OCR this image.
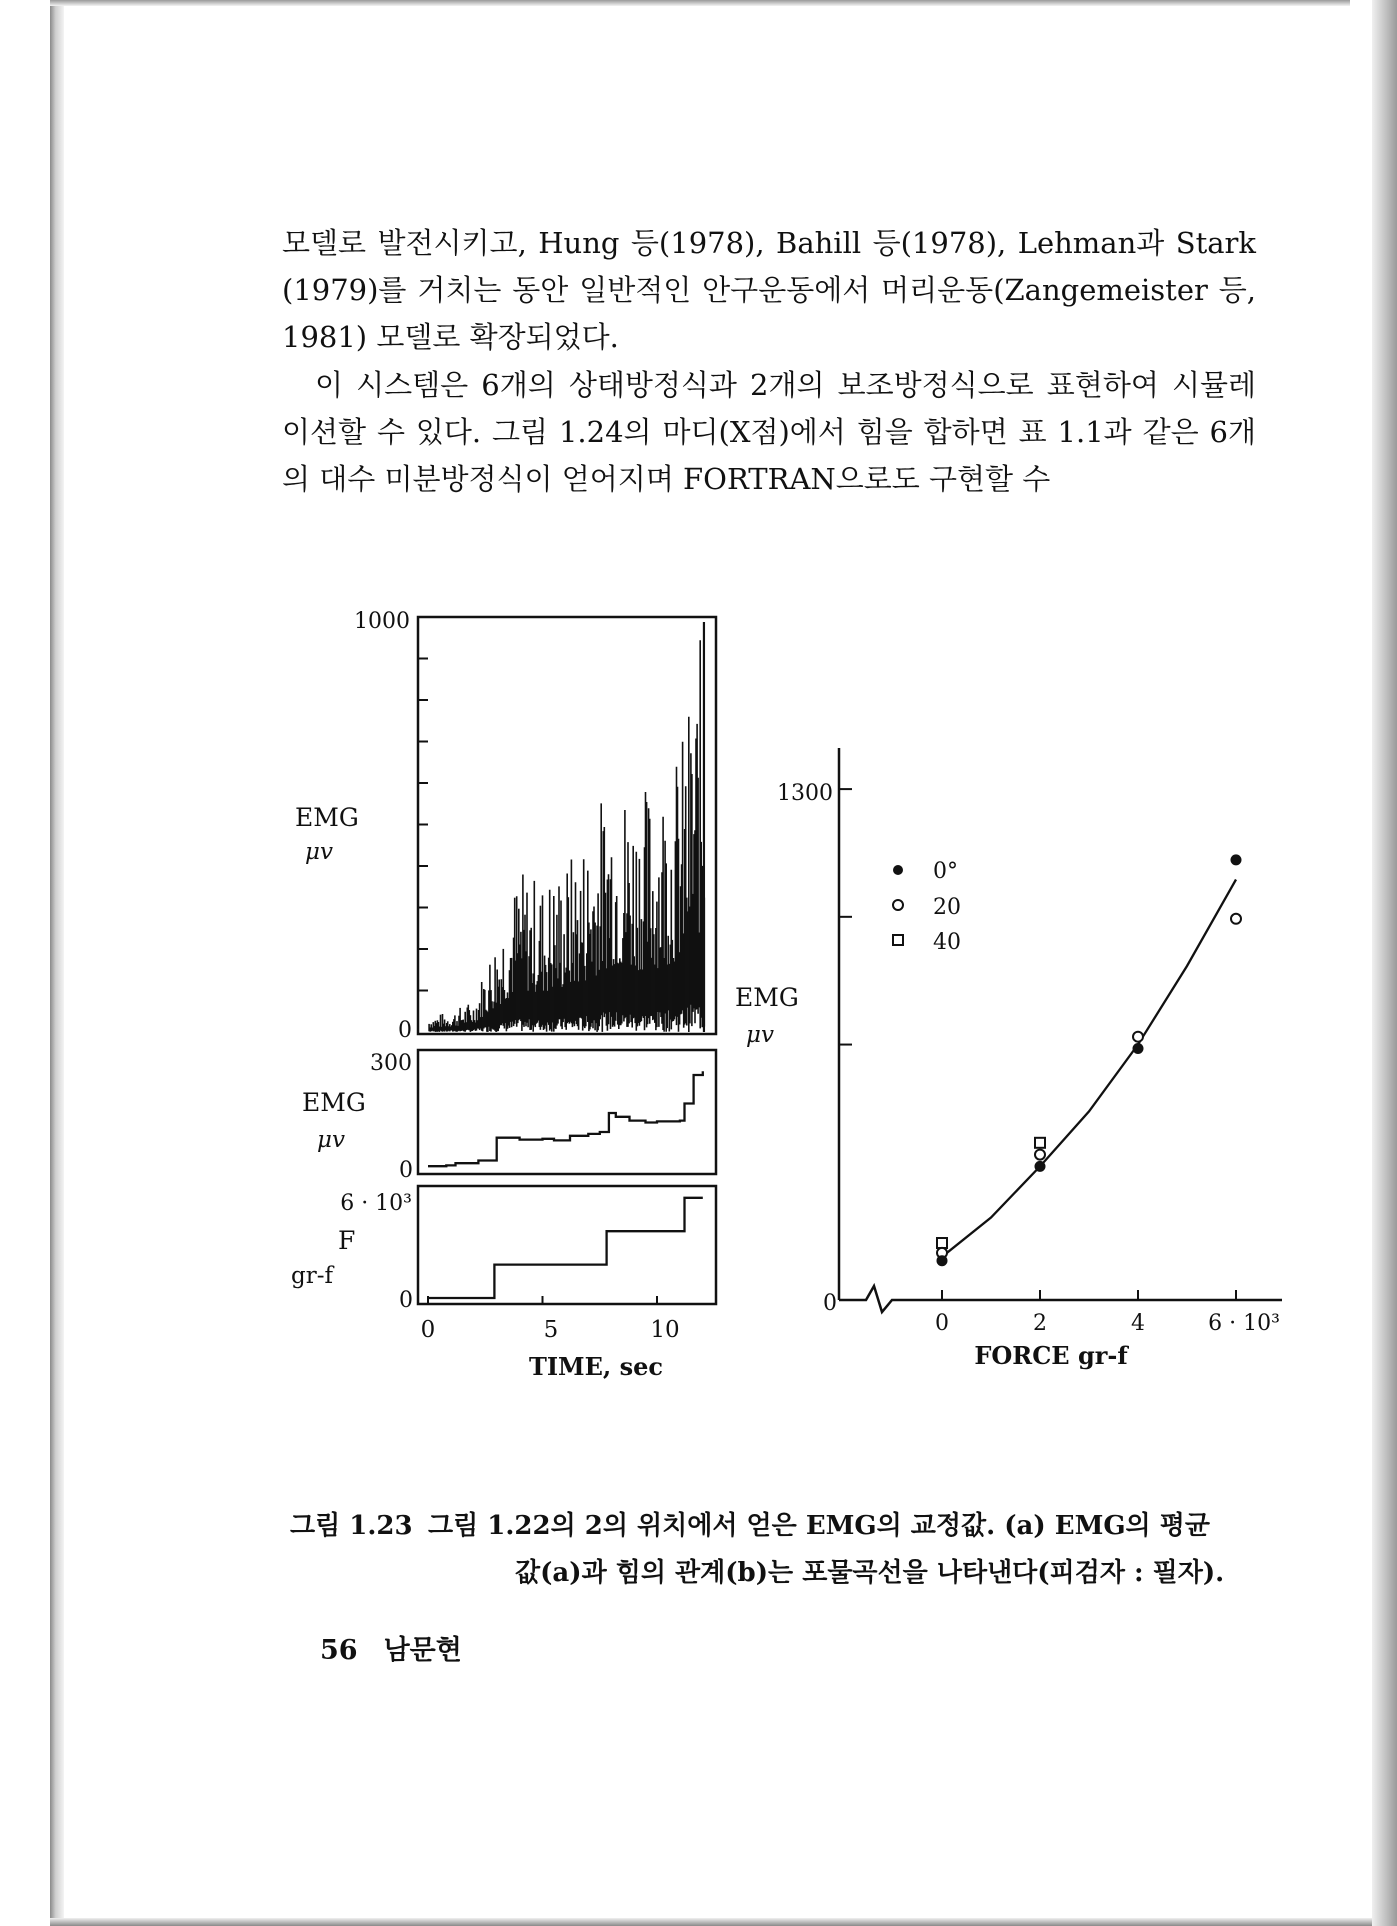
모델로 발전시키고, Hung 등(1978), Bahill 등(1978), Lehman과 Stark (1979)를 거치는 동안 일반적인 안구운동에서 머리운동(Zangemeister 등, 1981) 모델로 확장되었다.

이 시스템은 6개의 상태방정식과 2개의 보조방정식으로 표현하여 시뮬레이션할 수 있다. 그림 1.24의 마디(X점)에서 힘을 합하면 표 1.1과 같은 6개의 대수 미분방정식이 얻어지며 FORTRAN으로도 구현할 수

1000
0
EMG
μv
300
0
EMG
μv
6 · 10³
0
F
gr-f
0	5	10
TIME, sec
1300
0
EMG
μv
0	2	4	6 · 10³
FORCE gr-f
0°
20
40
그림 1.23 그림 1.22의 2의 위치에서 얻은 EMG의 교정값. (a) EMG의 평균
값(a)과 힘의 관계(b)는 포물곡선을 나타낸다(피검자 : 필자).
56 남문현
